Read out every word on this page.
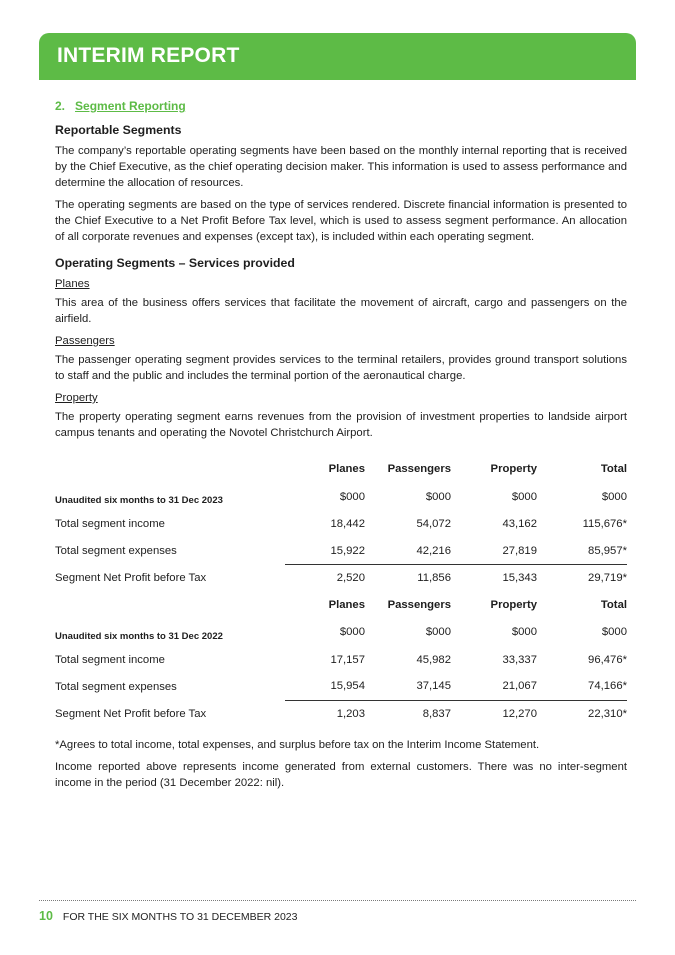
INTERIM REPORT
2. Segment Reporting
Reportable Segments

The company’s reportable operating segments have been based on the monthly internal reporting that is received by the Chief Executive, as the chief operating decision maker. This information is used to assess performance and determine the allocation of resources.

The operating segments are based on the type of services rendered. Discrete financial information is presented to the Chief Executive to a Net Profit Before Tax level, which is used to assess segment performance. An allocation of all corporate revenues and expenses (except tax), is included within each operating segment.

Operating Segments – Services provided
Planes

This area of the business offers services that facilitate the movement of aircraft, cargo and passengers on the airfield.

Passengers

The passenger operating segment provides services to the terminal retailers, provides ground transport solutions to staff and the public and includes the terminal portion of the aeronautical charge.

Property

The property operating segment earns revenues from the provision of investment properties to landside airport campus tenants and operating the Novotel Christchurch Airport.

	Planes	Passengers	Property	Total
Unaudited six months to 31 Dec 2023	$000	$000	$000	$000
Total segment income	18,442	54,072	43,162	115,676*
Total segment expenses	15,922	42,216	27,819	85,957*
Segment Net Profit before Tax	2,520	11,856	15,343	29,719*
	Planes	Passengers	Property	Total
Unaudited six months to 31 Dec 2022	$000	$000	$000	$000
Total segment income	17,157	45,982	33,337	96,476*
Total segment expenses	15,954	37,145	21,067	74,166*
Segment Net Profit before Tax	1,203	8,837	12,270	22,310*

*Agrees to total income, total expenses, and surplus before tax on the Interim Income Statement.

Income reported above represents income generated from external customers. There was no inter-segment income in the period (31 December 2022: nil).

10 FOR THE SIX MONTHS TO 31 DECEMBER 2023
